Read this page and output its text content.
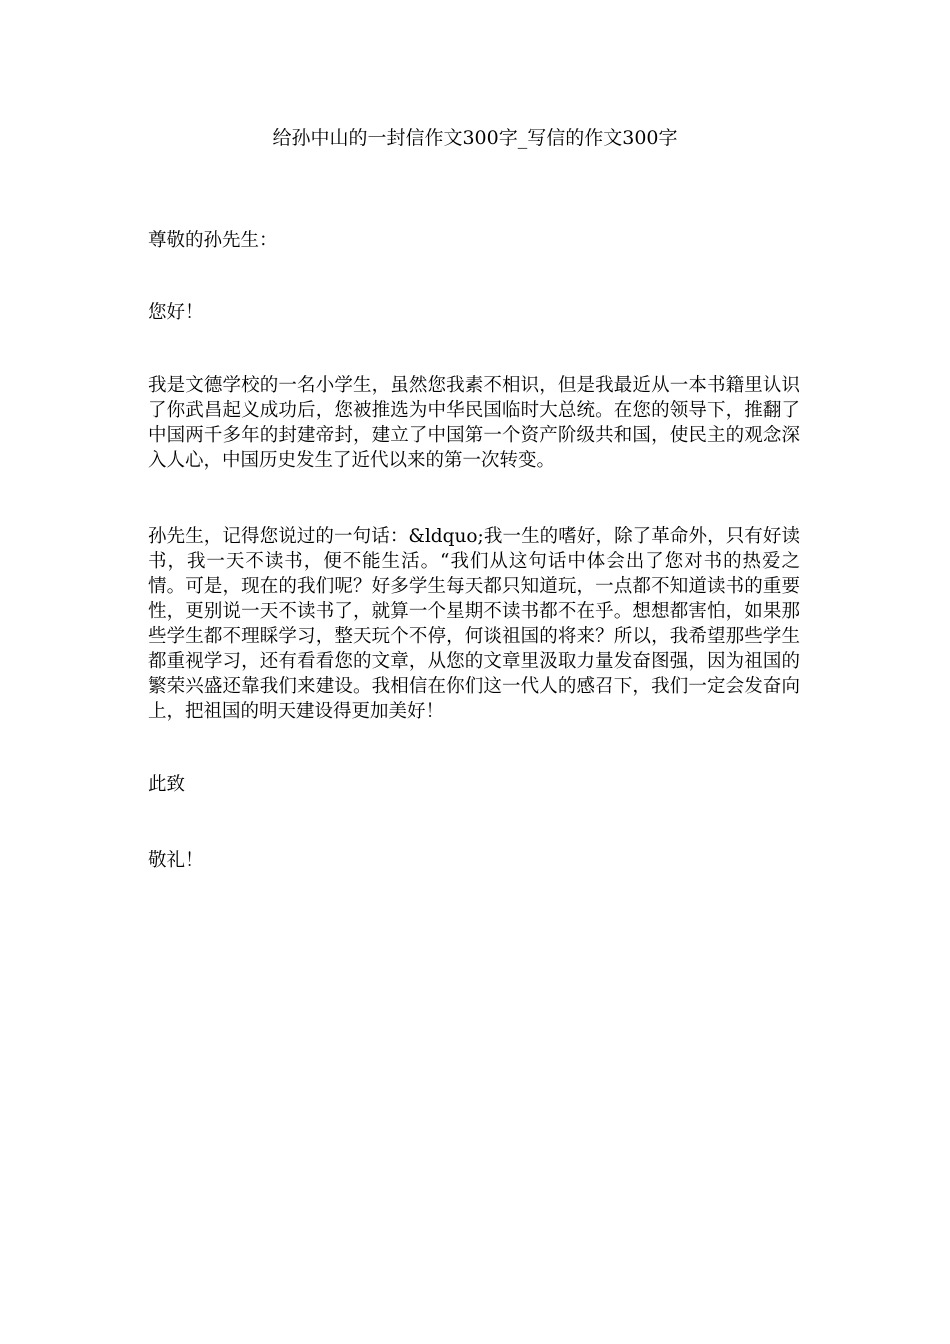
给孙中山的一封信作文300字_写信的作文300字
尊敬的孙先生：
您好！
我是文德学校的一名小学生，虽然您我素不相识，但是我最近从一本书籍里认识了你武昌起义成功后，您被推选为中华民国临时大总统。在您的领导下，推翻了中国两千多年的封建帝封，建立了中国第一个资产阶级共和国，使民主的观念深入人心，中国历史发生了近代以来的第一次转变。
孙先生，记得您说过的一句话：&ldquo;我一生的嗜好，除了革命外，只有好读书，我一天不读书，便不能生活。“我们从这句话中体会出了您对书的热爱之情。可是，现在的我们呢？好多学生每天都只知道玩，一点都不知道读书的重要性，更别说一天不读书了，就算一个星期不读书都不在乎。想想都害怕，如果那些学生都不理睬学习，整天玩个不停，何谈祖国的将来？所以，我希望那些学生都重视学习，还有看看您的文章，从您的文章里汲取力量发奋图强，因为祖国的繁荣兴盛还靠我们来建设。我相信在你们这一代人的感召下，我们一定会发奋向上，把祖国的明天建设得更加美好！
此致
敬礼！
